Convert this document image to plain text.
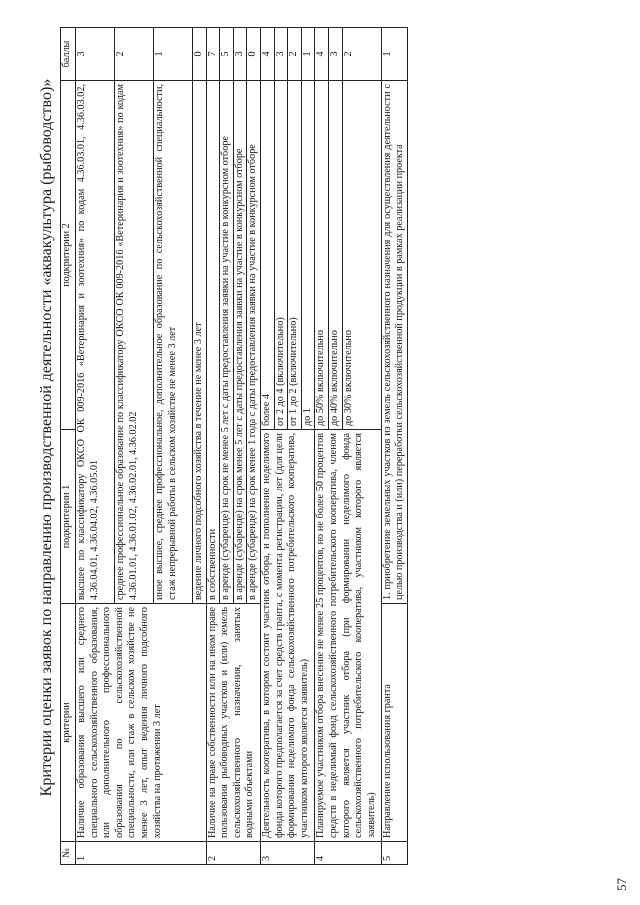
57
Критерии оценки заявок по направлению производственной деятельности «аквакультура (рыбоводство)»
№	критерии	подкритерии 1	подкритерии 2	баллы
1	Наличие образования высшего или среднего специального сельскохозяйственного образования, или дополнительного профессионального образования по сельскохозяйственной специальности, или стаж в сельском хозяйстве не менее 3 лет, опыт ведения личного подсобного хозяйства на протяжении 3 лет	высшее по классификатору ОКСО ОК 009-2016 «Ветеринария и зоотехния» по кодам 4.36.03.01, 4.36.03.02, 4.36.04.01, 4.36.04.02, 4.36.05.01		3
		среднее профессиональное образование по классификатору ОКСО ОК 009-2016 «Ветеринария и зоотехния» по кодам 4.36.01.01, 4.36.01.02, 4.36.02.01, 4.36.02.02		2
		иное высшее, среднее профессиональное, дополнительное образование по сельскохозяйственной специальности, стаж непрерывной работы в сельском хозяйстве не менее 3 лет		1
		ведение личного подсобного хозяйства в течение не менее 3 лет		0
2	Наличие на праве собственности или на ином праве пользования рыбоводных участков и (или) земель сельскохозяйственного назначения, занятых водными объектами	в собственности		7
		в аренде (субаренде) на срок не менее 5 лет с даты предоставления заявки на участие в конкурсном отборе		5
		в аренде (субаренде) на срок менее 5 лет с даты предоставления заявки на участие в конкурсном отборе		3
		в аренде (субаренде) на срок менее 1 года с даты предоставления заявки на участие в конкурсном отборе		0
3	Деятельность кооператива, в котором состоит участник отбора, и пополнение неделимого фонда которого предполагается за счет средств гранта, с момента регистрации, лет (для цели формирования неделимого фонда сельскохозяйственного потребительского кооператива, участником которого является заявитель)		более 4	4
			от 2 до 4 (включительно)	3
			от 1 до 2 (включительно)	2
			до 1	1
4	Планируемое участником отбора внесение не менее 25 процентов, но не более 50 процентов средств в неделимый фонд сельскохозяйственного потребительского кооператива, членом которого является участник отбора (при формировании неделимого фонда сельскохозяйственного потребительского кооператива, участником которого является заявитель)		до 50% включительно	4
			до 40% включительно	3
			до 30% включительно	2
5	Направление использования гранта	1. приобретение земельных участков из земель сельскохозяйственного назначения для осуществления деятельности с целью производства и (или) переработки сельскохозяйственной продукции в рамках реализации проекта		1
